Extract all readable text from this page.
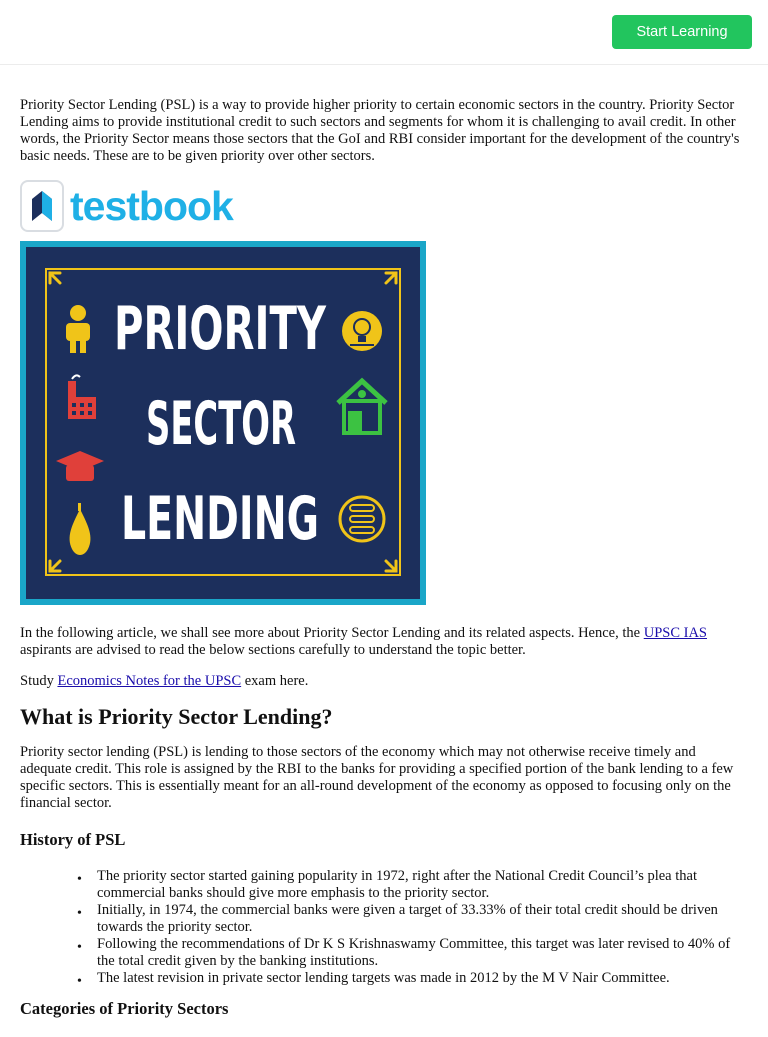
Start Learning

Priority Sector Lending (PSL) is a way to provide higher priority to certain economic sectors in the country. Priority Sector Lending aims to provide institutional credit to such sectors and segments for whom it is challenging to avail credit. In other words, the Priority Sector means those sectors that the GoI and RBI consider important for the development of the country's basic needs. These are to be given priority over other sectors.

testbook
PRIORITY
SECTOR
LENDING

In the following article, we shall see more about Priority Sector Lending and its related aspects. Hence, the UPSC IAS aspirants are advised to read the below sections carefully to understand the topic better.

Study Economics Notes for the UPSC exam here.

What is Priority Sector Lending?

Priority sector lending (PSL) is lending to those sectors of the economy which may not otherwise receive timely and adequate credit. This role is assigned by the RBI to the banks for providing a specified portion of the bank lending to a few specific sectors. This is essentially meant for an all-round development of the economy as opposed to focusing only on the financial sector.

History of PSL
• The priority sector started gaining popularity in 1972, right after the National Credit Council’s plea that commercial banks should give more emphasis to the priority sector.
• Initially, in 1974, the commercial banks were given a target of 33.33% of their total credit should be driven towards the priority sector.
• Following the recommendations of Dr K S Krishnaswamy Committee, this target was later revised to 40% of the total credit given by the banking institutions.
• The latest revision in private sector lending targets was made in 2012 by the M V Nair Committee.
Categories of Priority Sectors
